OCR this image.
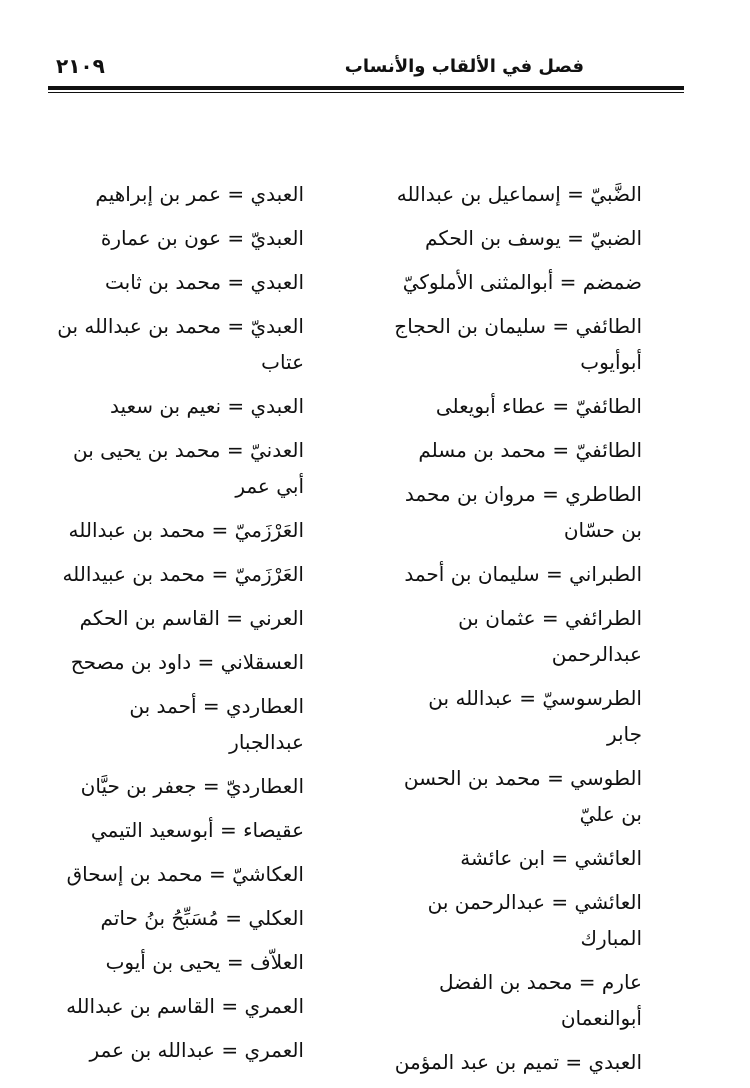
فصل في الألقاب والأنساب
٢١٠٩

الضَّبيّ = إسماعيل بن عبدالله

الضبيّ = يوسف بن الحكم

ضمضم = أبوالمثنى الأملوكيّ

الطائفي = سليمان بن الحجاج أبوأيوب

الطائفيّ = عطاء أبويعلى

الطائفيّ = محمد بن مسلم

الطاطري = مروان بن محمد بن حسّان

الطبراني = سليمان بن أحمد

الطرائفي = عثمان بن عبدالرحمن

الطرسوسيّ = عبدالله بن جابر

الطوسي = محمد بن الحسن بن عليّ

العائشي = ابن عائشة

العائشي = عبدالرحمن بن المبارك

عارم = محمد بن الفضل أبوالنعمان

العبدي = تميم بن عبد المؤمن

العبدي = عمر بن إبراهيم

العبديّ = عون بن عمارة

العبدي = محمد بن ثابت

العبديّ = محمد بن عبدالله بن عتاب

العبدي = نعيم بن سعيد

العدنيّ = محمد بن يحيى بن أبي عمر

العَرْزَميّ = محمد بن عبدالله

العَرْزَميّ = محمد بن عبيدالله

العرني = القاسم بن الحكم

العسقلاني = داود بن مصحح

العطاردي = أحمد بن عبدالجبار

العطارديّ = جعفر بن حيَّان

عقيصاء = أبوسعيد التيمي

العكاشيّ = محمد بن إسحاق

العكلي = مُسَبِّحُ بنُ حاتم

العلاّف = يحيى بن أيوب

العمري = القاسم بن عبدالله

العمري = عبدالله بن عمر
